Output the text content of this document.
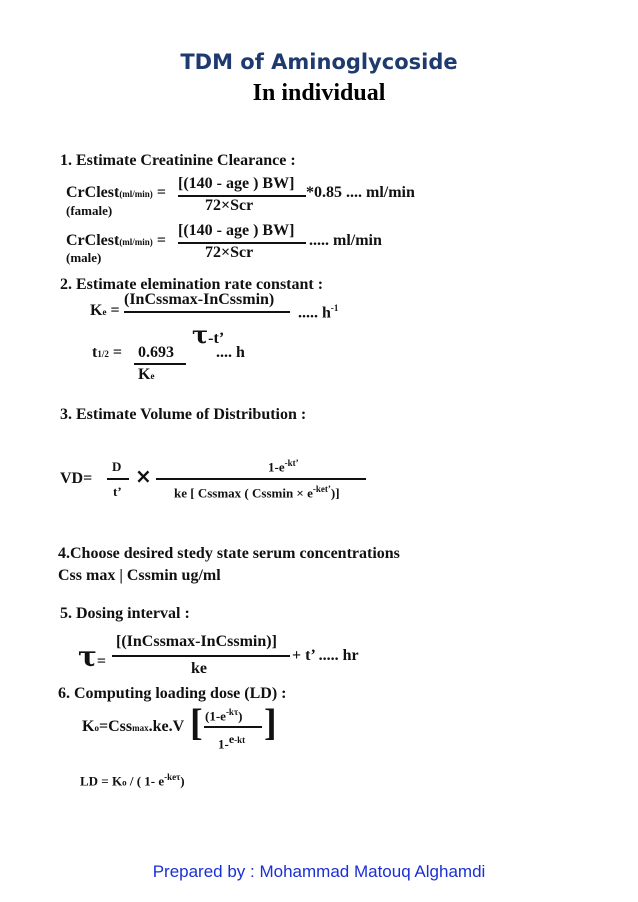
TDM of Aminoglycoside
In individual
1. Estimate Creatinine Clearance :
CrClest(ml/min) =
[(140 - age ) BW]
72×Scr
*0.85 .... ml/min
(famale)
CrClest(ml/min) =
[(140 - age ) BW]
72×Scr
..... ml/min
(male)
2. Estimate elemination rate constant :
Ke =
(InCssmax-InCssmin)
..... $h^{-1}$
τ-t’
t1/2 = 0.693	.... h
Ke
3. Estimate Volume of Distribution :
VD=
D
t’
×	$1-e^{-kt’}$
ke [ Cssmax ( $Cssmin \times e^{-ket’}$)]
4.Choose desired stedy state serum concentrations
Css max | Cssmin ug/ml
5. Dosing interval :
τ=
[(InCssmax-InCssmin)]
ke
+ t’ ..... hr
6. Computing loading dose (LD) :
Ko=Cssmax.ke.V [ $(1-e^{-k\tau})$
1-$^{e-kt}$ ]
LD = Ko / ( 1- $e^{-ke\tau}$)
Prepared by : Mohammad Matouq Alghamdi
